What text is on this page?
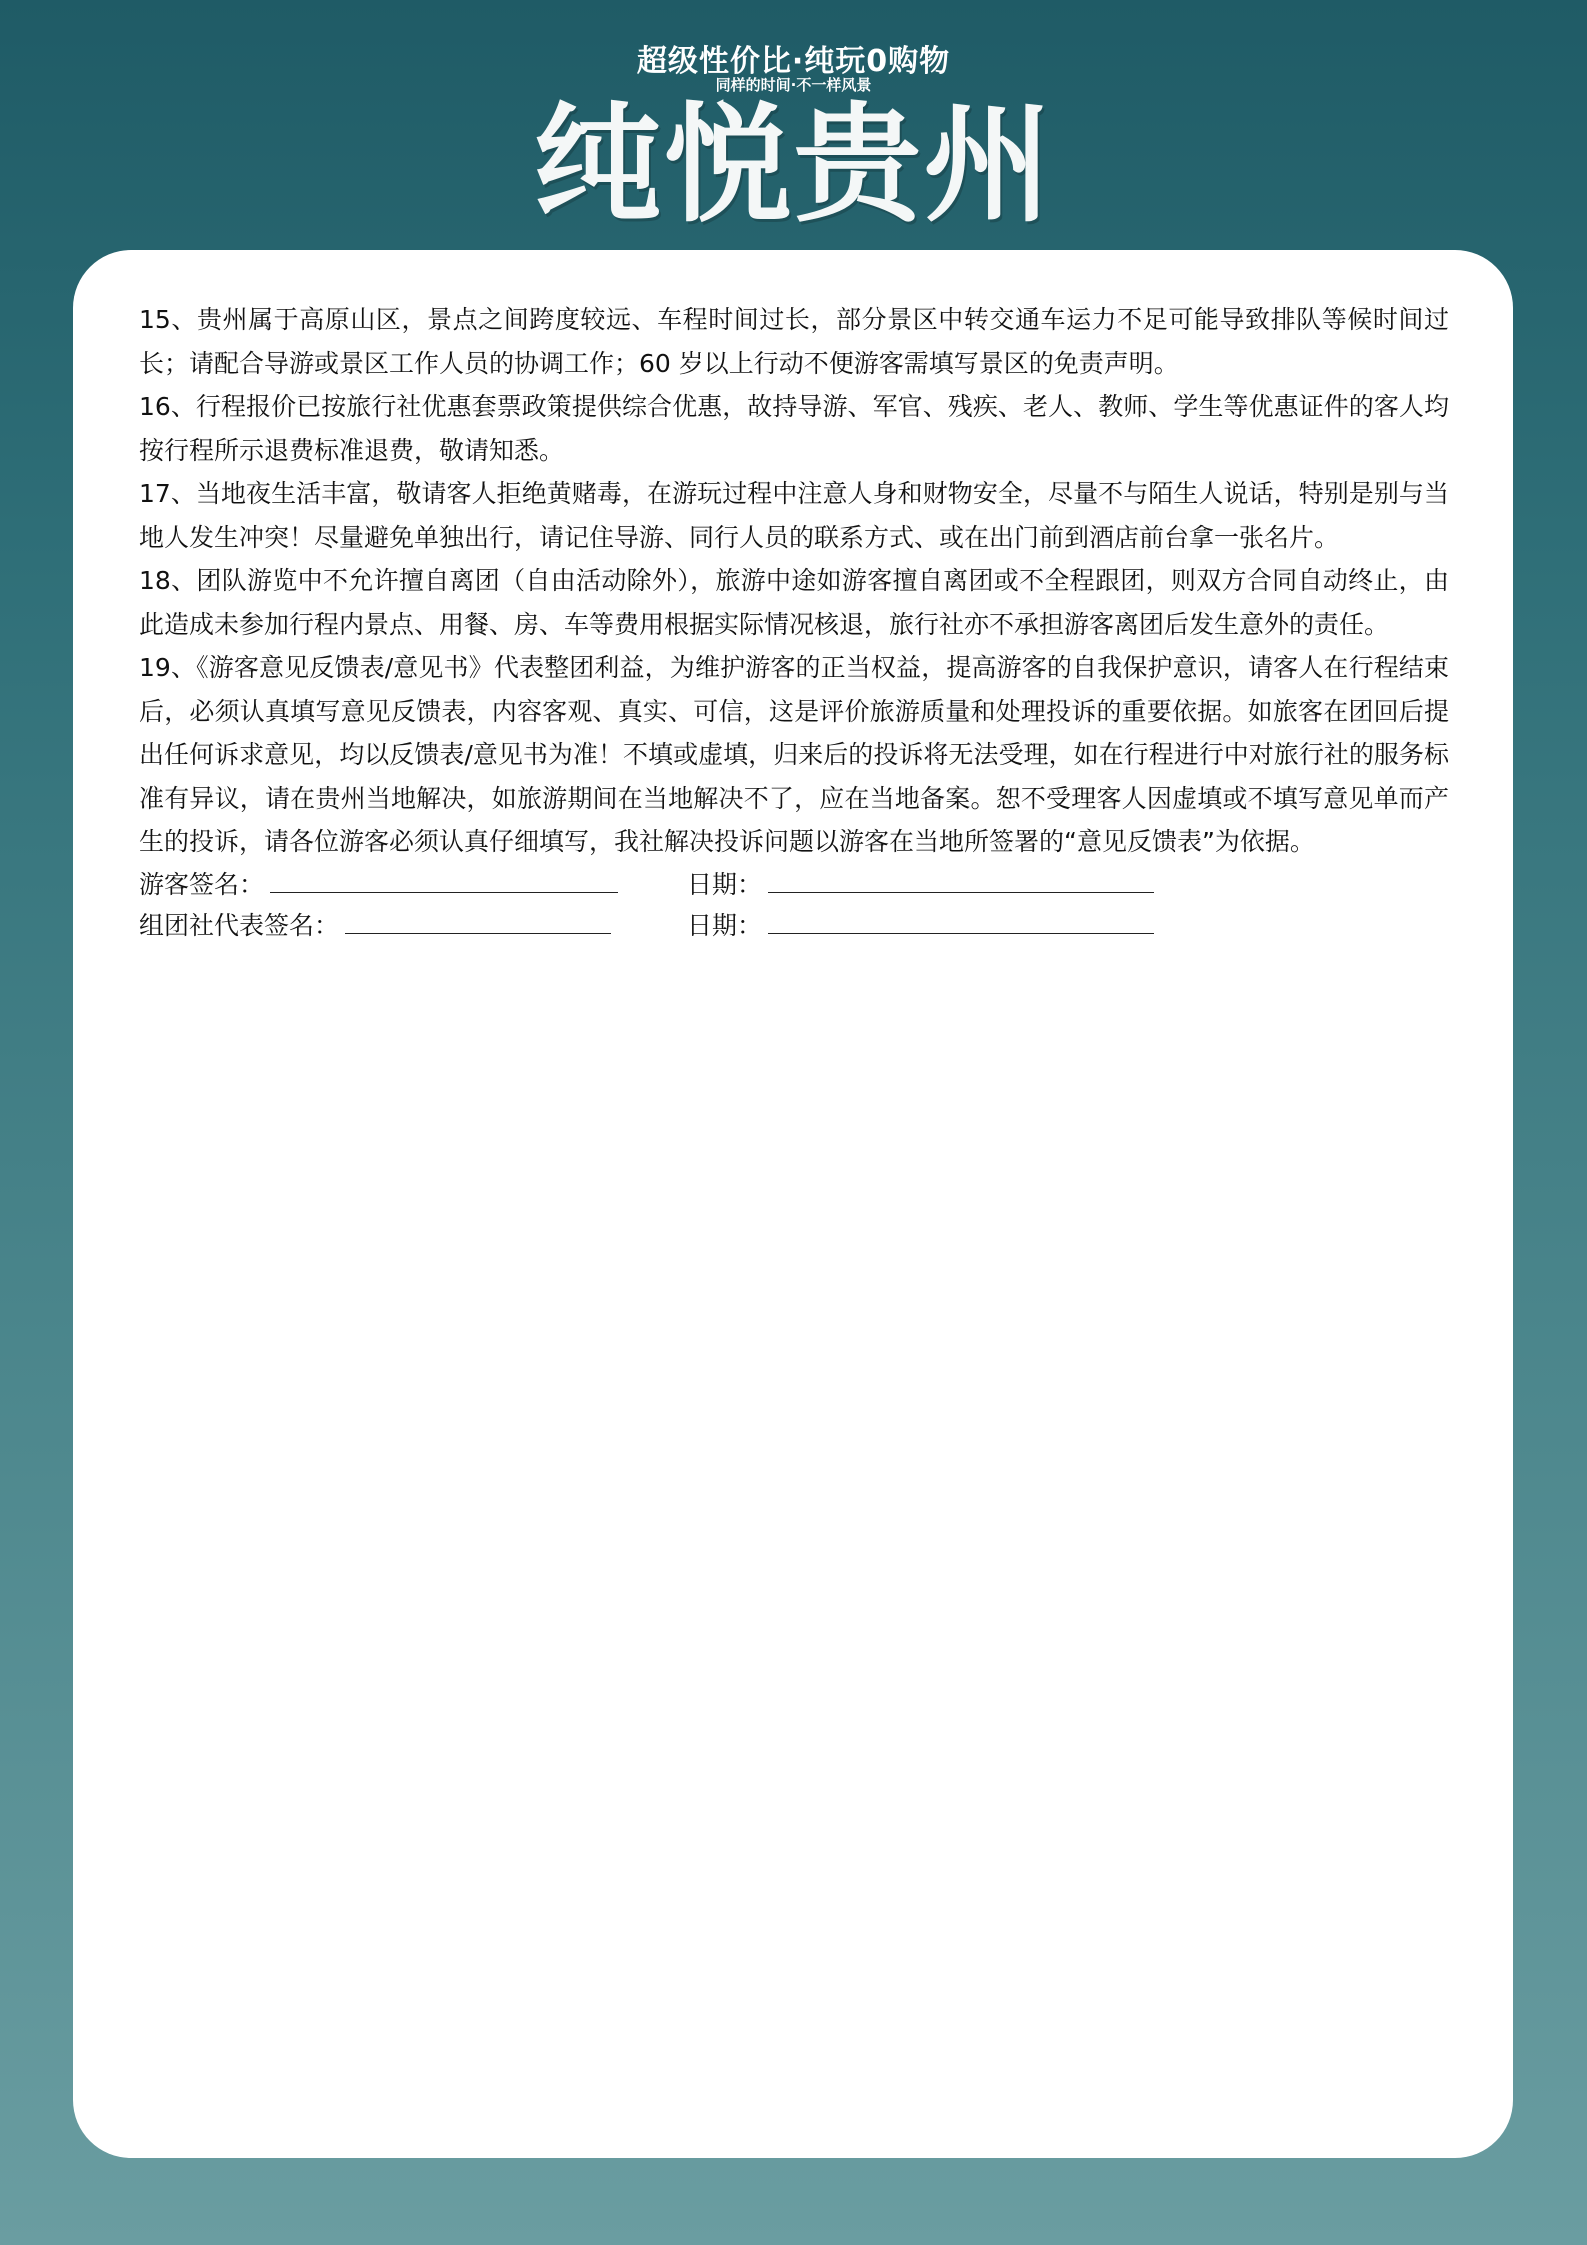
超级性价比·纯玩0购物
同样的时间·不一样风景
纯悦贵州

15、贵州属于高原山区，景点之间跨度较远、车程时间过长，部分景区中转交通车运力不足可能导致排队等候时间过长；请配合导游或景区工作人员的协调工作；60 岁以上行动不便游客需填写景区的免责声明。

16、行程报价已按旅行社优惠套票政策提供综合优惠，故持导游、军官、残疾、老人、教师、学生等优惠证件的客人均按行程所示退费标准退费，敬请知悉。

17、当地夜生活丰富，敬请客人拒绝黄赌毒，在游玩过程中注意人身和财物安全，尽量不与陌生人说话，特别是别与当地人发生冲突！尽量避免单独出行，请记住导游、同行人员的联系方式、或在出门前到酒店前台拿一张名片。

18、团队游览中不允许擅自离团（自由活动除外），旅游中途如游客擅自离团或不全程跟团，则双方合同自动终止，由此造成未参加行程内景点、用餐、房、车等费用根据实际情况核退，旅行社亦不承担游客离团后发生意外的责任。

19、《游客意见反馈表/意见书》代表整团利益，为维护游客的正当权益，提高游客的自我保护意识，请客人在行程结束后，必须认真填写意见反馈表，内容客观、真实、可信，这是评价旅游质量和处理投诉的重要依据。如旅客在团回后提出任何诉求意见，均以反馈表/意见书为准！不填或虚填，归来后的投诉将无法受理，如在行程进行中对旅行社的服务标准有异议，请在贵州当地解决，如旅游期间在当地解决不了，应在当地备案。恕不受理客人因虚填或不填写意见单而产生的投诉，请各位游客必须认真仔细填写，我社解决投诉问题以游客在当地所签署的“意见反馈表”为依据。

游客签名：	日期：
组团社代表签名：	日期：
